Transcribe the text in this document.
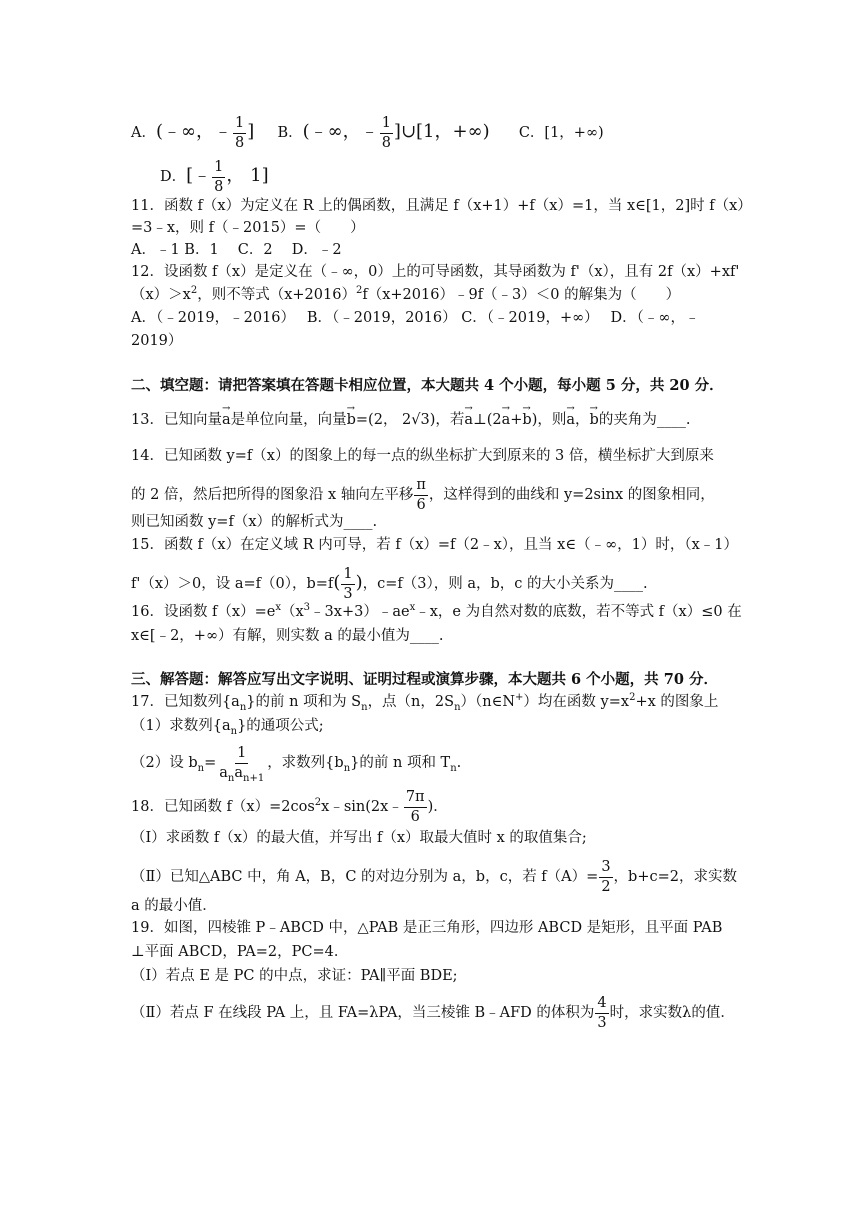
A．(﹣∞，﹣ $\frac{1}{8}$ ] B．(﹣∞，﹣ $\frac{1}{8}$ ]∪[1，+∞) C．[1，+∞)
D．[﹣ $\frac{1}{8}$ ， 1]
11．函数 f（x）为定义在 R 上的偶函数，且满足 f（x+1）+f（x）=1，当 x∈[1，2]时 f（x）
=3﹣x，则 f（﹣2015）=（　　）
A．﹣1 B．1　 C．2　 D．﹣2
12．设函数 f（x）是定义在（﹣∞，0）上的可导函数，其导函数为 f'（x），且有 2f（x）+xf'
$(x)>x^2$，则不等式$(x+2016)^2f(x+2016)﹣9f(﹣3)<0$ 的解集为（　　）
A．（﹣2019，﹣2016）　 B．（﹣2019，2016） C．（﹣2019，+∞）　 D．（﹣∞，﹣
2019）
二、填空题：请把答案填在答题卡相应位置，本大题共 4 个小题，每小题 5 分，共 20 分．
13．已知向量→ a是单位向量，向量→ b=(2， 2√3)，若→ a⊥(2→ a+→ b)，则→ a，→ b的夹角为____.
14．已知函数 y=f（x）的图象上的每一点的纵坐标扩大到原来的 3 倍，横坐标扩大到原来
的 2 倍，然后把所得的图象沿 x 轴向左平移 $\frac{\pi}{6}$ ，这样得到的曲线和 y=2sinx 的图象相同，
则已知函数 y=f（x）的解析式为____.
15．函数 f（x）在定义域 R 内可导，若 f（x）=f（2﹣x），且当 x∈（﹣∞，1）时，（x﹣1）
f'（x）＞0，设 a=f（0），$b=f( \frac{1}{3}$ )，c=f（3），则 a，b，c 的大小关系为____.
16．设函数 $f(x)=e^x(x^3﹣3x+3)﹣ae^x﹣x$，e 为自然对数的底数，若不等式 f（x）≤0 在
x∈[﹣2，+∞）有解，则实数 a 的最小值为____.
三、解答题：解答应写出文字说明、证明过程或演算步骤，本大题共 6 个小题，共 70 分．
17．已知数列$\{a_n\}$的前 n 项和为 $S_n$，点（n，$2S_n)(n\in N^+)$均在函数 $y=x^2+x$ 的图象上
（1）求数列$\{a_n\}$的通项公式;
（2）设 $b_n= \frac{1}{a_na_{n+1}}$ ，求数列$\{b_n\}$的前 n 项和 $T_n$.
18．已知函数 $f(x)=2\cos^2x﹣\sin(2x﹣ \frac{7\pi}{6}$ )．
（Ⅰ）求函数 f（x）的最大值，并写出 f（x）取最大值时 x 的取值集合;
（Ⅱ）已知△ABC 中，角 A，B，C 的对边分别为 a，b，c，若 $f(A)= \frac{3}{2}$ ，b+c=2，求实数
a 的最小值．
19．如图，四棱锥 P﹣ABCD 中，△PAB 是正三角形，四边形 ABCD 是矩形，且平面 PAB
⊥平面 ABCD，PA=2，PC=4．
（Ⅰ）若点 E 是 PC 的中点，求证：PA∥平面 BDE;
（Ⅱ）若点 F 在线段 PA 上，且 FA=λPA，当三棱锥 B﹣AFD 的体积为 $\frac{4}{3}$ 时，求实数λ的值．
